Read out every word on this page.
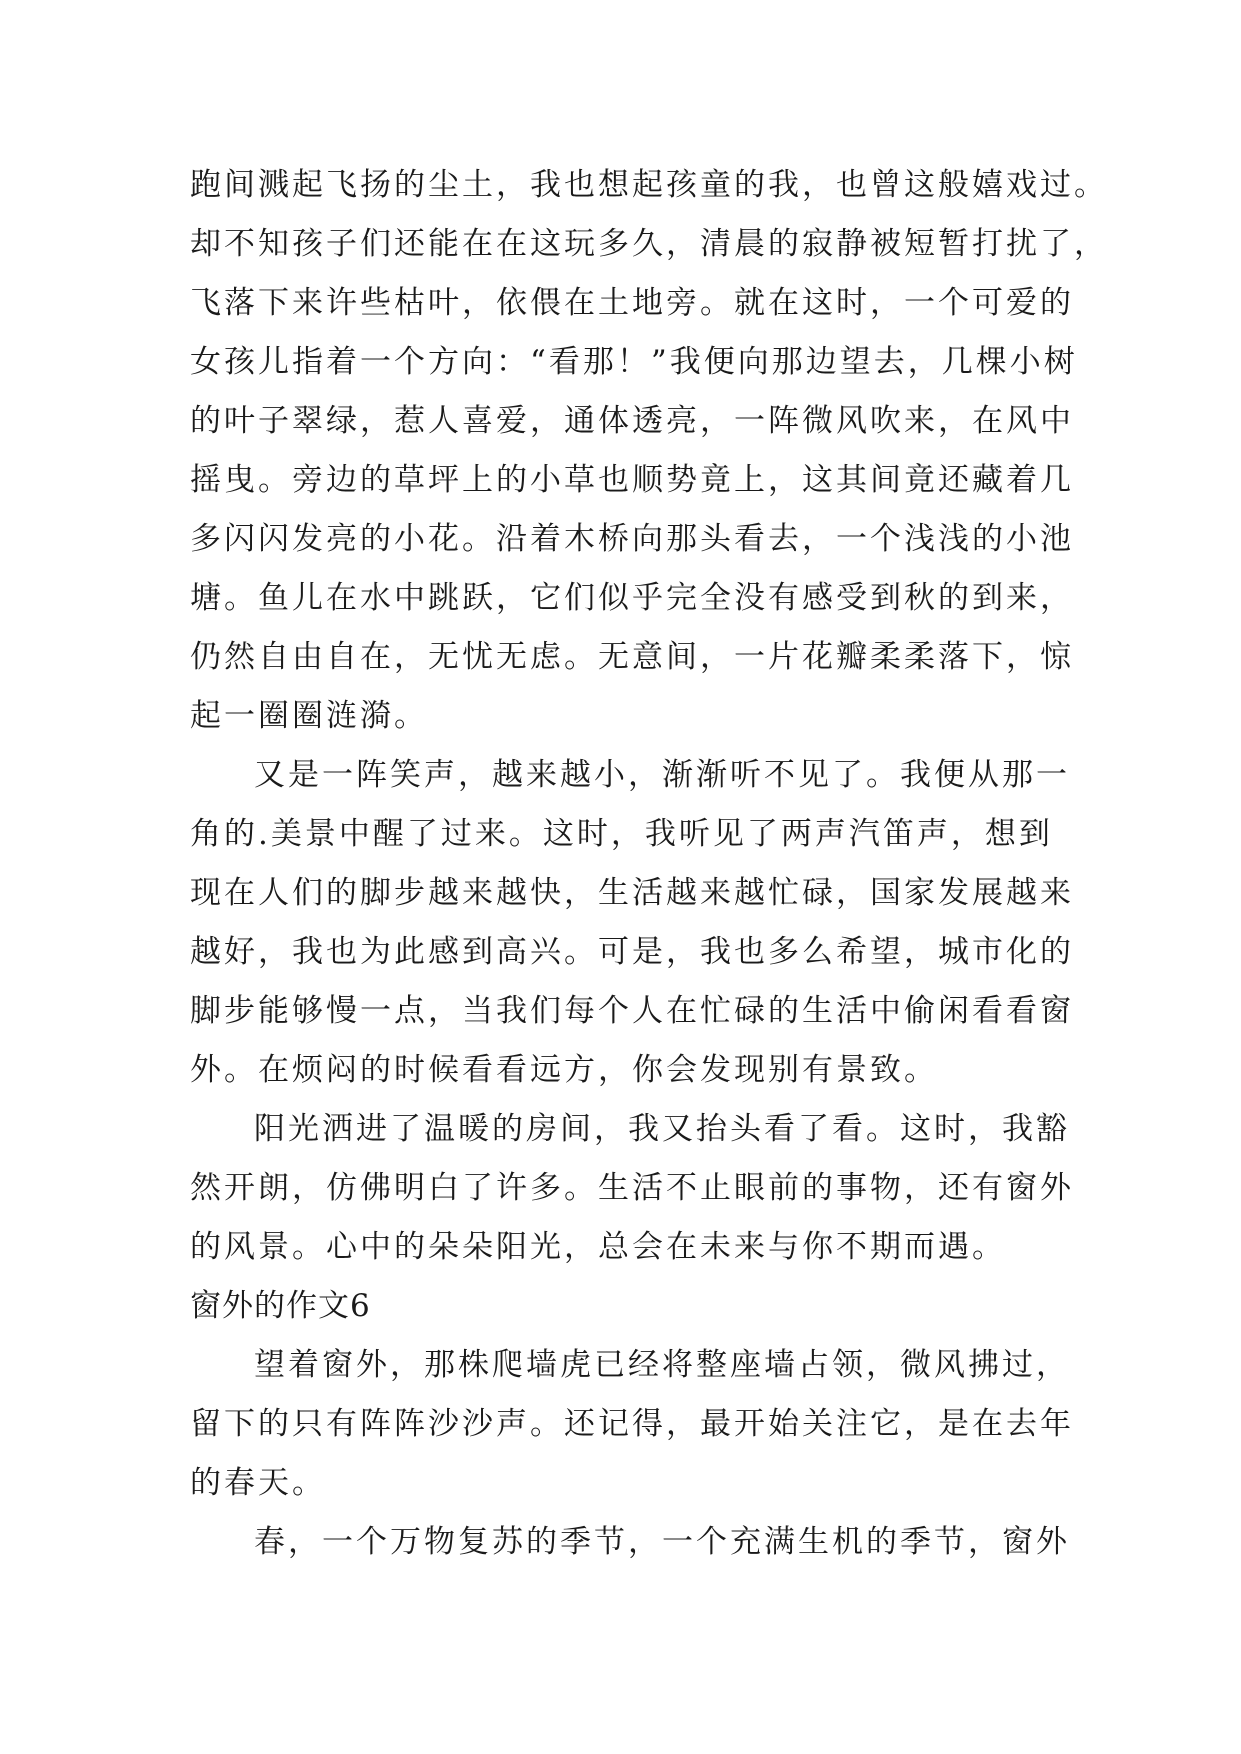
跑间溅起飞扬的尘土，我也想起孩童的我，也曾这般嬉戏过。
却不知孩子们还能在在这玩多久，清晨的寂静被短暂打扰了，
飞落下来许些枯叶，依偎在土地旁。就在这时，一个可爱的
女孩儿指着一个方向：“看那！”我便向那边望去，几棵小树
的叶子翠绿，惹人喜爱，通体透亮，一阵微风吹来，在风中
摇曳。旁边的草坪上的小草也顺势竟上，这其间竟还藏着几
多闪闪发亮的小花。沿着木桥向那头看去，一个浅浅的小池
塘。鱼儿在水中跳跃，它们似乎完全没有感受到秋的到来，
仍然自由自在，无忧无虑。无意间，一片花瓣柔柔落下，惊
起一圈圈涟漪。
又是一阵笑声，越来越小，渐渐听不见了。我便从那一
角的.美景中醒了过来。这时，我听见了两声汽笛声，想到
现在人们的脚步越来越快，生活越来越忙碌，国家发展越来
越好，我也为此感到高兴。可是，我也多么希望，城市化的
脚步能够慢一点，当我们每个人在忙碌的生活中偷闲看看窗
外。在烦闷的时候看看远方，你会发现别有景致。
阳光洒进了温暖的房间，我又抬头看了看。这时，我豁
然开朗，仿佛明白了许多。生活不止眼前的事物，还有窗外
的风景。心中的朵朵阳光，总会在未来与你不期而遇。
窗外的作文6
望着窗外，那株爬墙虎已经将整座墙占领，微风拂过，
留下的只有阵阵沙沙声。还记得，最开始关注它，是在去年
的春天。
春，一个万物复苏的季节，一个充满生机的季节，窗外
